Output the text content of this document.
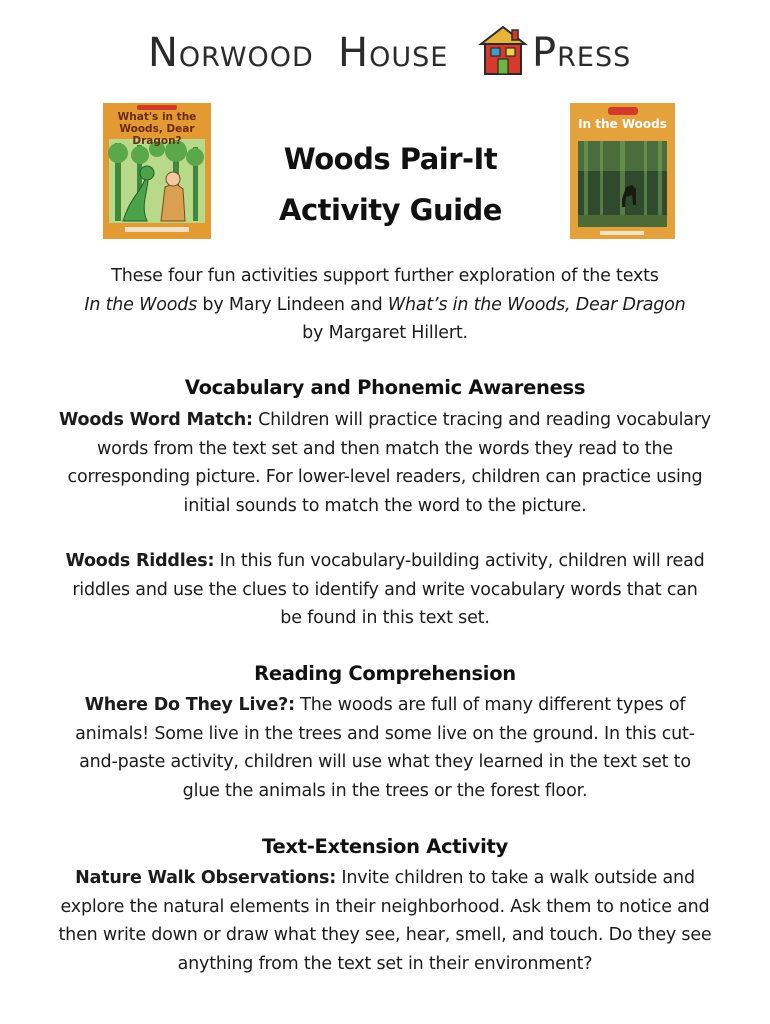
NORWOOD HOUSE PRESS
What's in the Woods, Dear Dragon?
In the Woods
Woods Pair-It
Activity Guide
These four fun activities support further exploration of the texts
In the Woods by Mary Lindeen and What’s in the Woods, Dear Dragon
by Margaret Hillert.
Vocabulary and Phonemic Awareness
Woods Word Match: Children will practice tracing and reading vocabulary
words from the text set and then match the words they read to the
corresponding picture. For lower-level readers, children can practice using
initial sounds to match the word to the picture.
Woods Riddles: In this fun vocabulary-building activity, children will read
riddles and use the clues to identify and write vocabulary words that can
be found in this text set.
Reading Comprehension
Where Do They Live?: The woods are full of many different types of
animals! Some live in the trees and some live on the ground. In this cut-
and-paste activity, children will use what they learned in the text set to
glue the animals in the trees or the forest floor.
Text-Extension Activity
Nature Walk Observations: Invite children to take a walk outside and
explore the natural elements in their neighborhood. Ask them to notice and
then write down or draw what they see, hear, smell, and touch. Do they see
anything from the text set in their environment?
